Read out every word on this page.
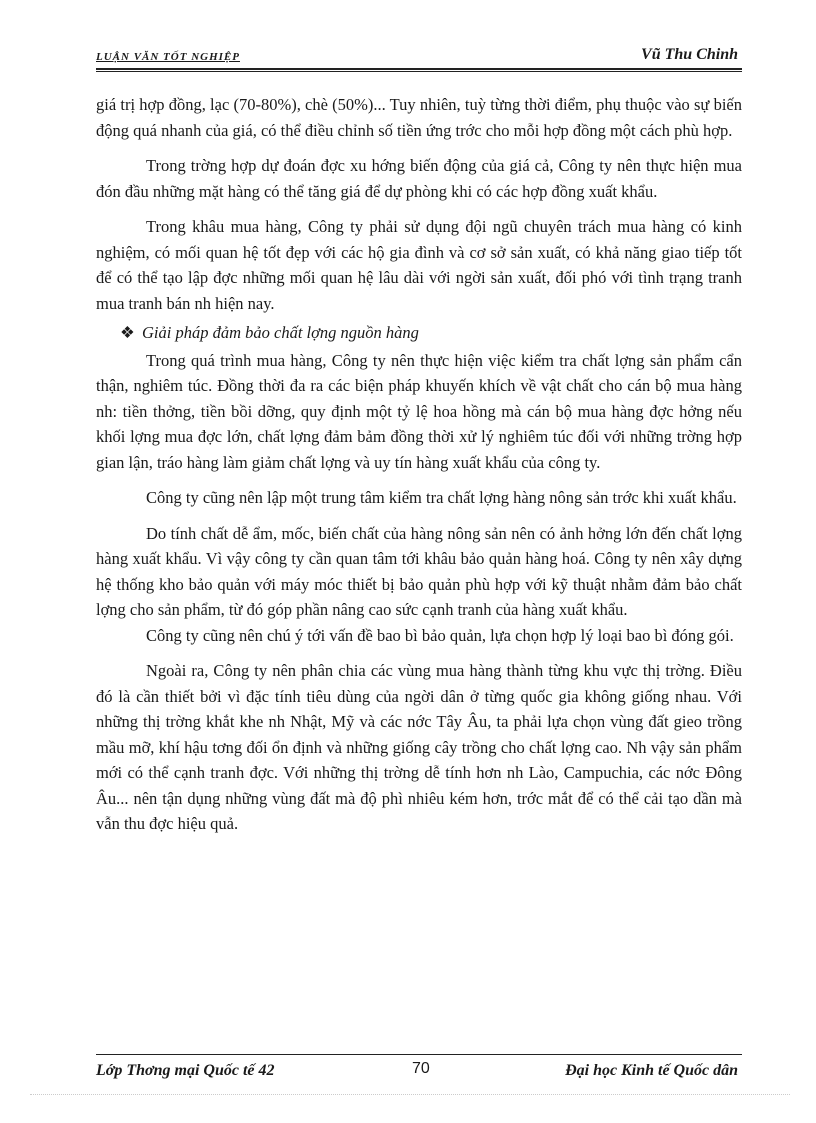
LUẬN VĂN TỐT NGHIỆP	Vũ Thu Chinh

giá trị hợp đồng, lạc (70-80%), chè (50%)... Tuy nhiên, tuỳ từng thời điểm, phụ thuộc vào sự biến động quá nhanh của giá, có thể điều chỉnh số tiền ứng trớc cho mỗi hợp đồng một cách phù hợp.

Trong trờng hợp dự đoán đợc xu hớng biến động của giá cả, Công ty nên thực hiện mua đón đầu những mặt hàng có thể tăng giá để dự phòng khi có các hợp đồng xuất khẩu.

Trong khâu mua hàng, Công ty phải sử dụng đội ngũ chuyên trách mua hàng có kinh nghiệm, có mối quan hệ tốt đẹp với các hộ gia đình và cơ sở sản xuất, có khả năng giao tiếp tốt để có thể tạo lập đợc những mối quan hệ lâu dài với ngời sản xuất, đối phó với tình trạng tranh mua tranh bán nh hiện nay.

❖ Giải pháp đảm bảo chất lợng nguồn hàng

Trong quá trình mua hàng, Công ty nên thực hiện việc kiểm tra chất lợng sản phẩm cẩn thận, nghiêm túc. Đồng thời đa ra các biện pháp khuyến khích về vật chất cho cán bộ mua hàng nh: tiền thởng, tiền bồi dỡng, quy định một tỷ lệ hoa hồng mà cán bộ mua hàng đợc hởng nếu khối lợng mua đợc lớn, chất lợng đảm bảm đồng thời xử lý nghiêm túc đối với những trờng hợp gian lận, tráo hàng làm giảm chất lợng và uy tín hàng xuất khẩu của công ty.

Công ty cũng nên lập một trung tâm kiểm tra chất lợng hàng nông sản trớc khi xuất khẩu.

Do tính chất dễ ẩm, mốc, biến chất của hàng nông sản nên có ảnh hởng lớn đến chất lợng hàng xuất khẩu. Vì vậy công ty cần quan tâm tới khâu bảo quản hàng hoá. Công ty nên xây dựng hệ thống kho bảo quản với máy móc thiết bị bảo quản phù hợp với kỹ thuật nhằm đảm bảo chất lợng cho sản phẩm, từ đó góp phần nâng cao sức cạnh tranh của hàng xuất khẩu.

Công ty cũng nên chú ý tới vấn đề bao bì bảo quản, lựa chọn hợp lý loại bao bì đóng gói.

Ngoài ra, Công ty nên phân chia các vùng mua hàng thành từng khu vực thị trờng. Điều đó là cần thiết bởi vì đặc tính tiêu dùng của ngời dân ở từng quốc gia không giống nhau. Với những thị trờng khắt khe nh Nhật, Mỹ và các nớc Tây Âu, ta phải lựa chọn vùng đất gieo trồng mầu mỡ, khí hậu tơng đối ổn định và những giống cây trồng cho chất lợng cao. Nh vậy sản phẩm mới có thể cạnh tranh đợc. Với những thị trờng dễ tính hơn nh Lào, Campuchia, các nớc Đông Âu... nên tận dụng những vùng đất mà độ phì nhiêu kém hơn, trớc mắt để có thể cải tạo dần mà vẫn thu đợc hiệu quả.

Lớp Thơng mại Quốc tế 42	70	Đại học Kinh tế Quốc dân
